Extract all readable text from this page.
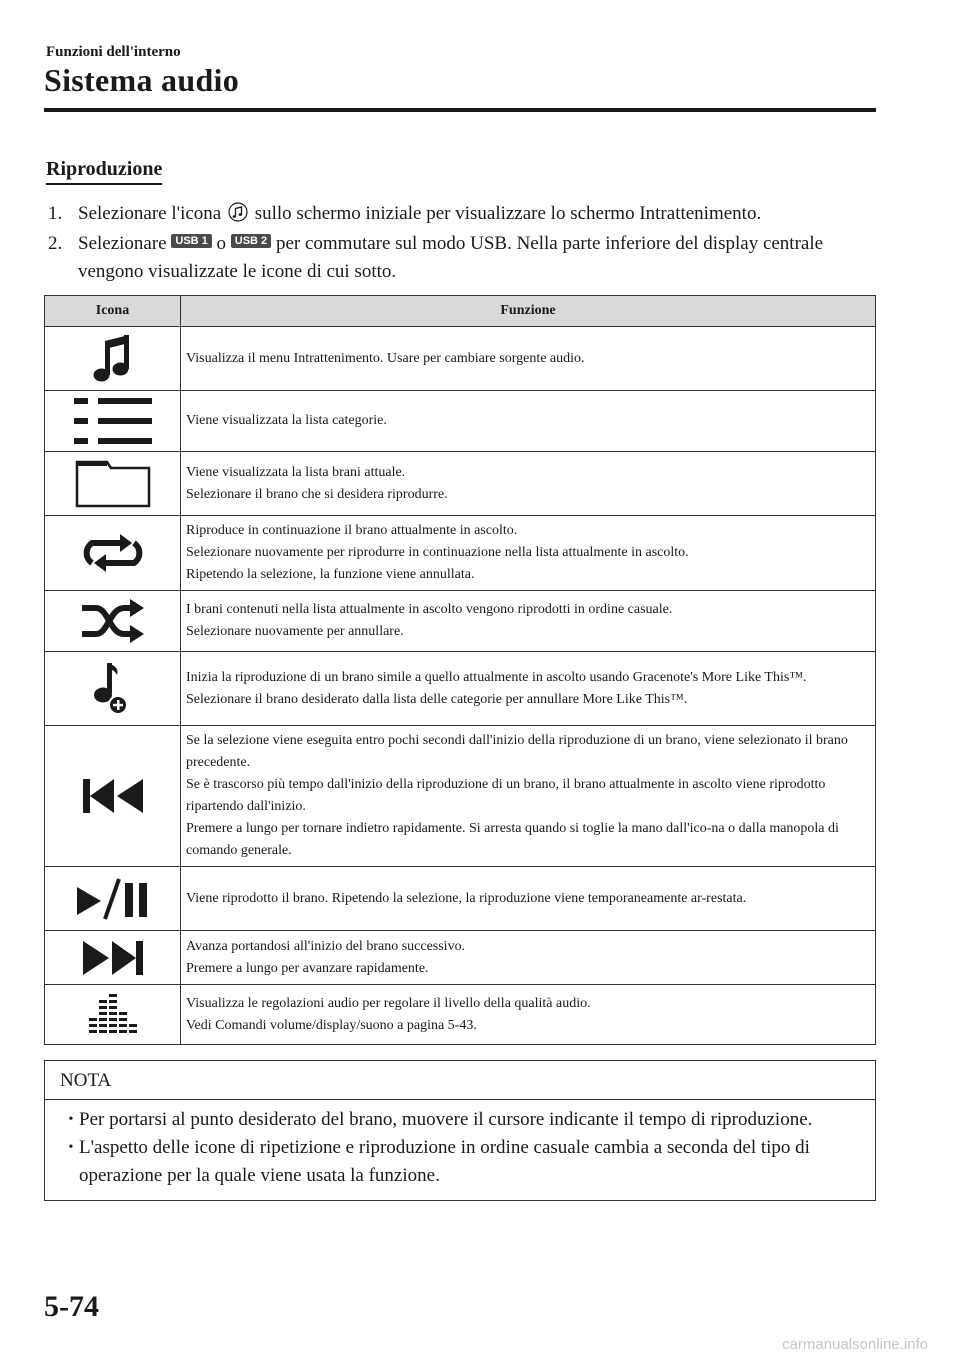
Funzioni dell'interno
Sistema audio
Riproduzione
1. Selezionare l'icona sullo schermo iniziale per visualizzare lo schermo Intrattenimento.
2. Selezionare USB 1 o USB 2 per commutare sul modo USB. Nella parte inferiore del display centrale vengono visualizzate le icone di cui sotto.
Icona	Funzione

Visualizza il menu Intrattenimento. Usare per cambiare sorgente audio.

Viene visualizzata la lista categorie.

Viene visualizzata la lista brani attuale.
Selezionare il brano che si desidera riprodurre.

Riproduce in continuazione il brano attualmente in ascolto.
Selezionare nuovamente per riprodurre in continuazione nella lista attualmente in ascolto.
Ripetendo la selezione, la funzione viene annullata.

I brani contenuti nella lista attualmente in ascolto vengono riprodotti in ordine casuale.
Selezionare nuovamente per annullare.

Inizia la riproduzione di un brano simile a quello attualmente in ascolto usando Gracenote's More Like This™.
Selezionare il brano desiderato dalla lista delle categorie per annullare More Like This™.

Se la selezione viene eseguita entro pochi secondi dall'inizio della riproduzione di un brano, viene selezionato il brano precedente.
Se è trascorso più tempo dall'inizio della riproduzione di un brano, il brano attualmente in ascolto viene riprodotto ripartendo dall'inizio.
Premere a lungo per tornare indietro rapidamente. Si arresta quando si toglie la mano dall'ico-na o dalla manopola di comando generale.

Viene riprodotto il brano. Ripetendo la selezione, la riproduzione viene temporaneamente ar-restata.

Avanza portandosi all'inizio del brano successivo.
Premere a lungo per avanzare rapidamente.

Visualizza le regolazioni audio per regolare il livello della qualità audio.
Vedi Comandi volume/display/suono a pagina 5-43.
NOTA
• Per portarsi al punto desiderato del brano, muovere il cursore indicante il tempo di riproduzione.
• L'aspetto delle icone di ripetizione e riproduzione in ordine casuale cambia a seconda del tipo di operazione per la quale viene usata la funzione.
5-74
carmanualsonline.info
